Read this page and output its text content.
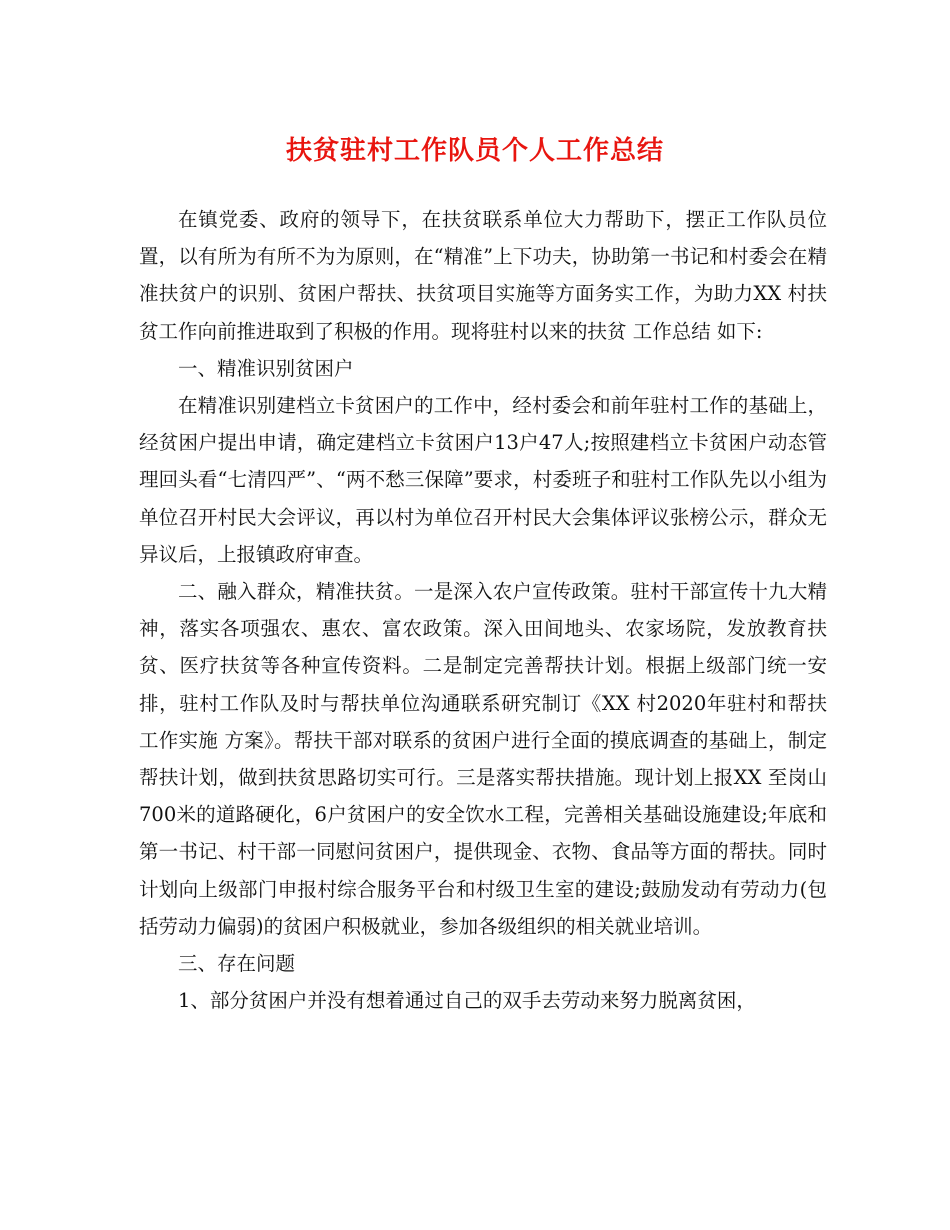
扶贫驻村工作队员个人工作总结

在镇党委、政府的领导下，在扶贫联系单位大力帮助下，摆正工作队员位置，以有所为有所不为为原则，在“精准”上下功夫，协助第一书记和村委会在精准扶贫户的识别、贫困户帮扶、扶贫项目实施等方面务实工作，为助力XX 村扶贫工作向前推进取到了积极的作用。现将驻村以来的扶贫 工作总结 如下:

一、精准识别贫困户

在精准识别建档立卡贫困户的工作中，经村委会和前年驻村工作的基础上，经贫困户提出申请，确定建档立卡贫困户13户47人;按照建档立卡贫困户动态管理回头看“七清四严”、“两不愁三保障”要求，村委班子和驻村工作队先以小组为单位召开村民大会评议，再以村为单位召开村民大会集体评议张榜公示，群众无异议后，上报镇政府审查。

二、融入群众，精准扶贫。一是深入农户宣传政策。驻村干部宣传十九大精神，落实各项强农、惠农、富农政策。深入田间地头、农家场院，发放教育扶贫、医疗扶贫等各种宣传资料。二是制定完善帮扶计划。根据上级部门统一安排，驻村工作队及时与帮扶单位沟通联系研究制订《XX 村2020年驻村和帮扶工作实施 方案》。帮扶干部对联系的贫困户进行全面的摸底调查的基础上，制定帮扶计划，做到扶贫思路切实可行。三是落实帮扶措施。现计划上报XX 至岗山700米的道路硬化，6户贫困户的安全饮水工程，完善相关基础设施建设;年底和第一书记、村干部一同慰问贫困户，提供现金、衣物、食品等方面的帮扶。同时计划向上级部门申报村综合服务平台和村级卫生室的建设;鼓励发动有劳动力(包括劳动力偏弱)的贫困户积极就业，参加各级组织的相关就业培训。

三、存在问题

1、部分贫困户并没有想着通过自己的双手去劳动来努力脱离贫困，
